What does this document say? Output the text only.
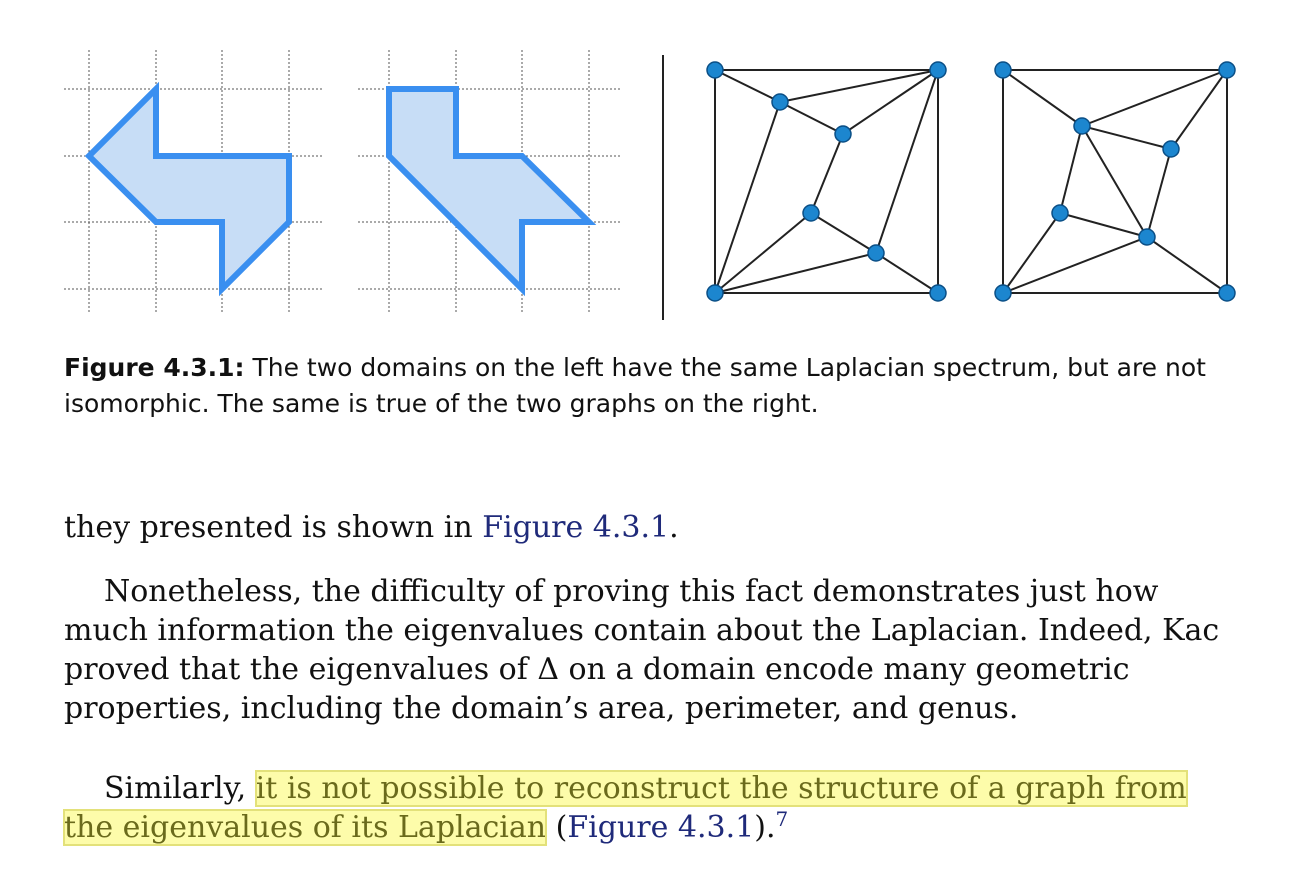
Figure 4.3.1: The two domains on the left have the same Laplacian spectrum, but are not isomorphic. The same is true of the two graphs on the right.
they presented is shown in Figure 4.3.1.
Nonetheless, the difficulty of proving this fact demonstrates just how much information the eigenvalues contain about the Laplacian. Indeed, Kac proved that the eigenvalues of Δ on a domain encode many geometric properties, including the domain’s area, perimeter, and genus.
Similarly, it is not possible to reconstruct the structure of a graph from the eigenvalues of its Laplacian (Figure 4.3.1).$^7$
